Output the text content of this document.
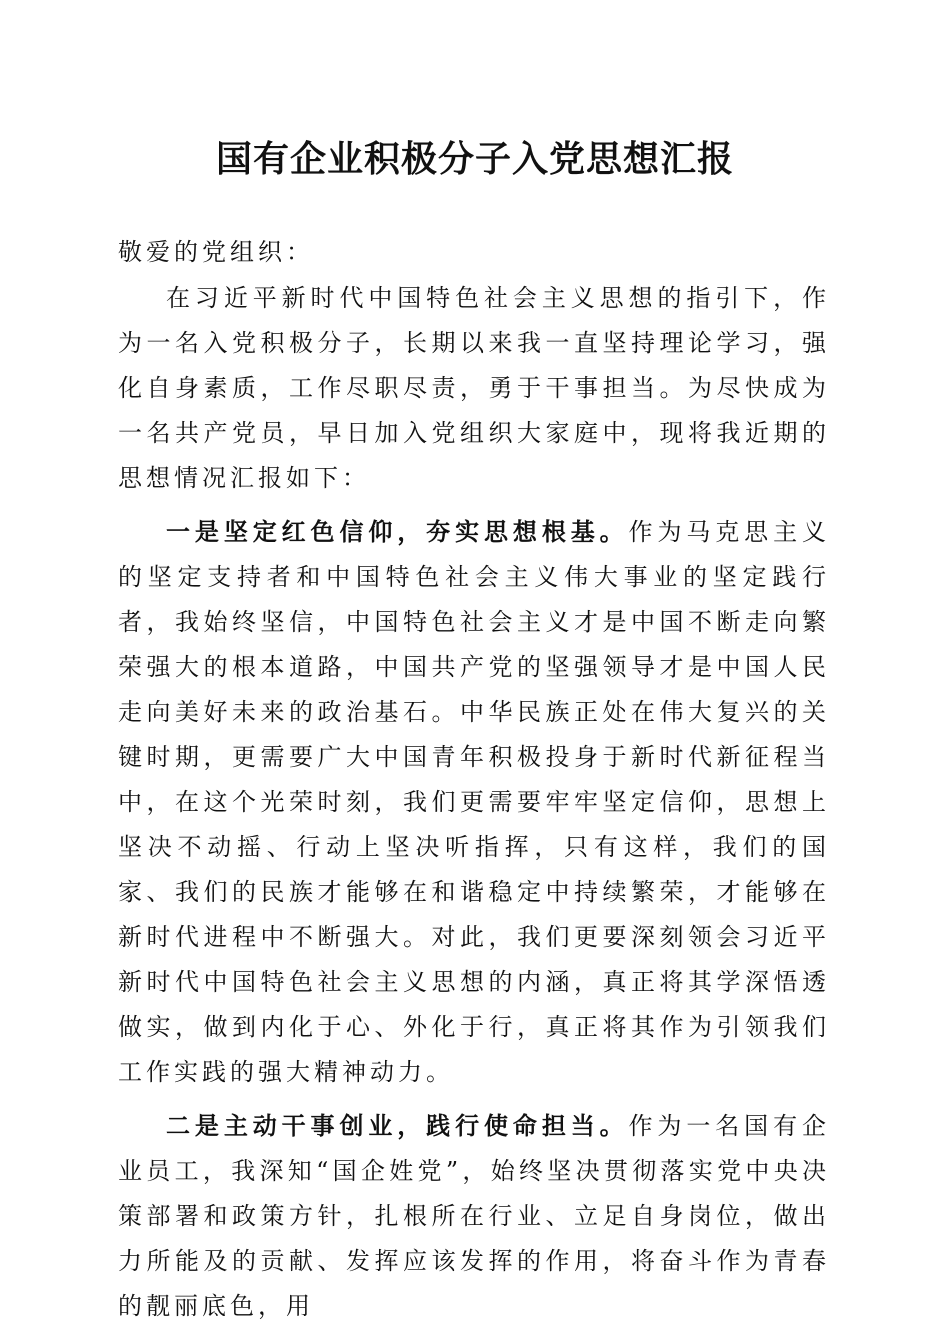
国有企业积极分子入党思想汇报

敬爱的党组织：

在习近平新时代中国特色社会主义思想的指引下，作为一名入党积极分子，长期以来我一直坚持理论学习，强化自身素质，工作尽职尽责，勇于干事担当。为尽快成为一名共产党员，早日加入党组织大家庭中，现将我近期的思想情况汇报如下：

一是坚定红色信仰，夯实思想根基。作为马克思主义的坚定支持者和中国特色社会主义伟大事业的坚定践行者，我始终坚信，中国特色社会主义才是中国不断走向繁荣强大的根本道路，中国共产党的坚强领导才是中国人民走向美好未来的政治基石。中华民族正处在伟大复兴的关键时期，更需要广大中国青年积极投身于新时代新征程当中，在这个光荣时刻，我们更需要牢牢坚定信仰，思想上坚决不动摇、行动上坚决听指挥，只有这样，我们的国家、我们的民族才能够在和谐稳定中持续繁荣，才能够在新时代进程中不断强大。对此，我们更要深刻领会习近平新时代中国特色社会主义思想的内涵，真正将其学深悟透做实，做到内化于心、外化于行，真正将其作为引领我们工作实践的强大精神动力。

二是主动干事创业，践行使命担当。作为一名国有企业员工，我深知“国企姓党”，始终坚决贯彻落实党中央决策部署和政策方针，扎根所在行业、立足自身岗位，做出力所能及的贡献、发挥应该发挥的作用，将奋斗作为青春的靓丽底色，用
